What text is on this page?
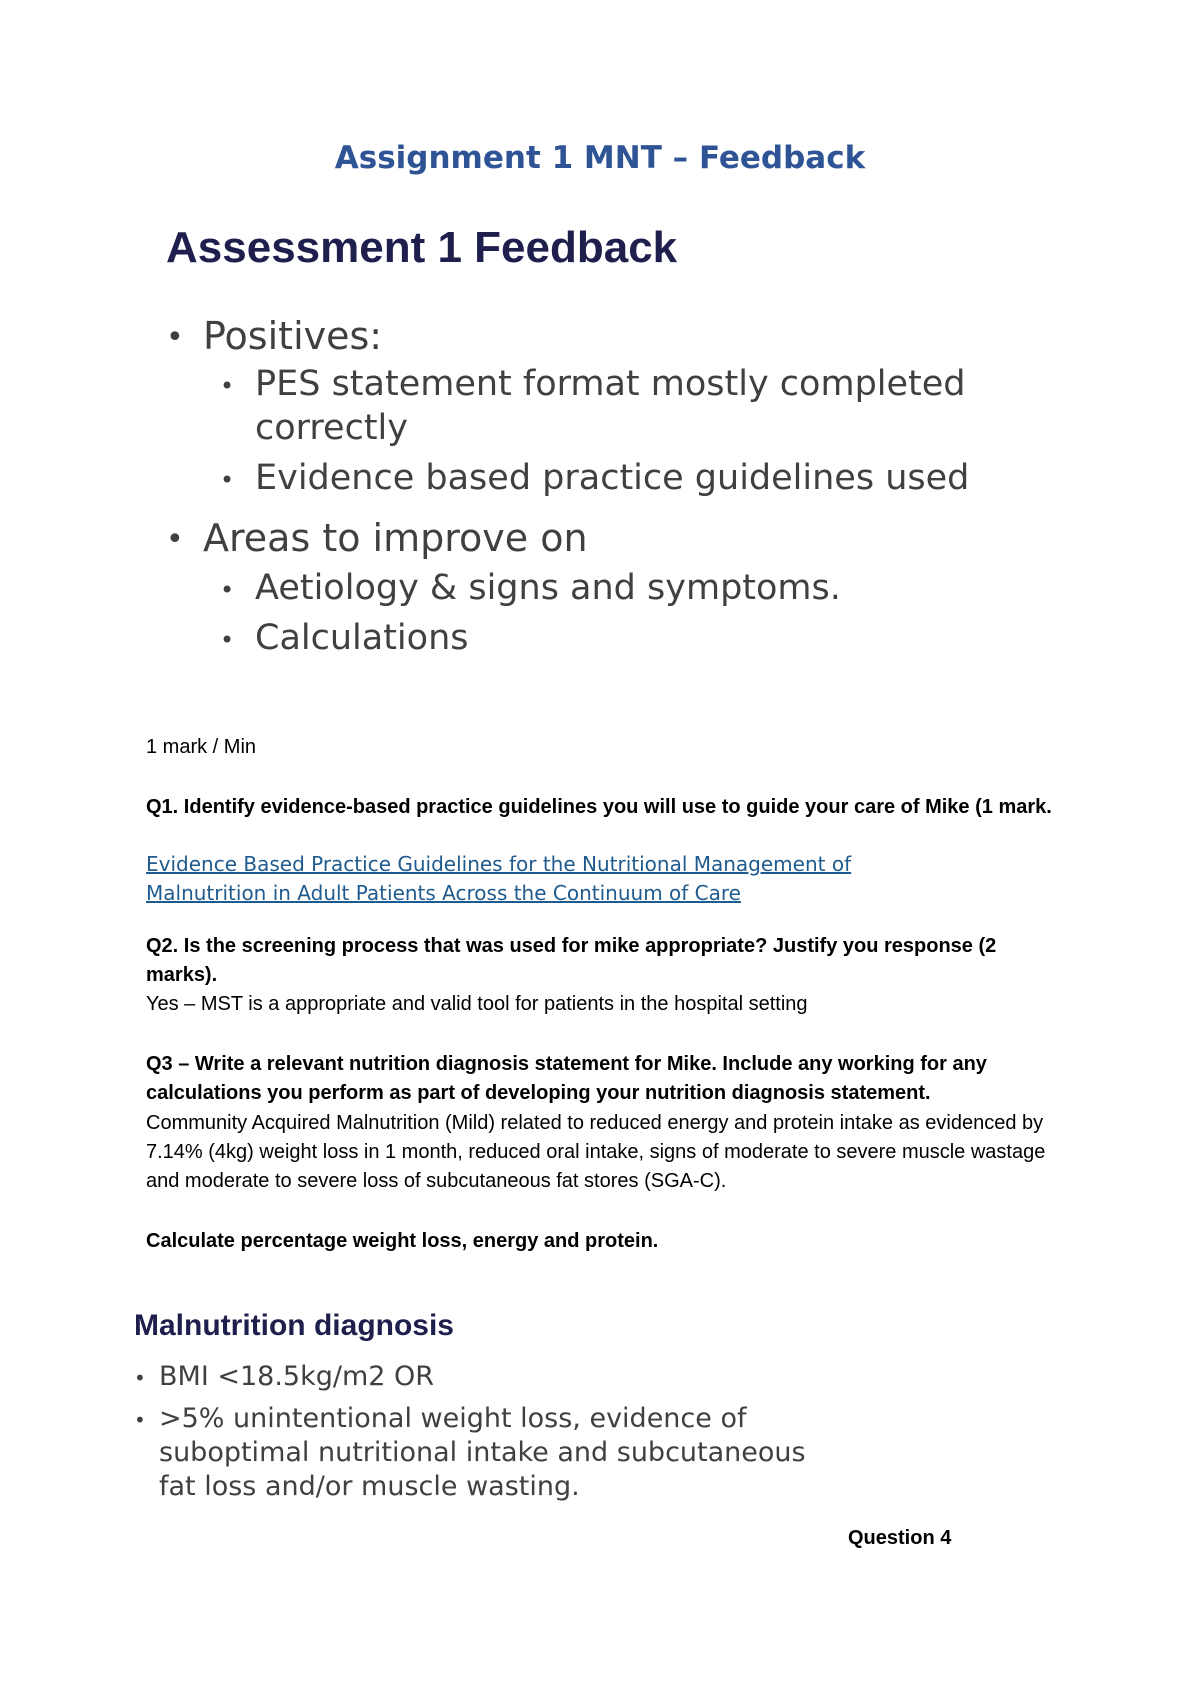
Assignment 1 MNT – Feedback
Assessment 1 Feedback
• Positives:
• PES statement format mostly completed correctly
• Evidence based practice guidelines used
• Areas to improve on
• Aetiology & signs and symptoms.
• Calculations

1 mark / Min

Q1. Identify evidence-based practice guidelines you will use to guide your care of Mike (1 mark.

Evidence Based Practice Guidelines for the Nutritional Management of
Malnutrition in Adult Patients Across the Continuum of Care

Q2. Is the screening process that was used for mike appropriate? Justify you response (2 marks).

Yes – MST is a appropriate and valid tool for patients in the hospital setting

Q3 – Write a relevant nutrition diagnosis statement for Mike. Include any working for any calculations you perform as part of developing your nutrition diagnosis statement.

Community Acquired Malnutrition (Mild) related to reduced energy and protein intake as evidenced by 7.14% (4kg) weight loss in 1 month, reduced oral intake, signs of moderate to severe muscle wastage and moderate to severe loss of subcutaneous fat stores (SGA-C).

Calculate percentage weight loss, energy and protein.

Malnutrition diagnosis
• BMI <18.5kg/m2 OR
• >5% unintentional weight loss, evidence of suboptimal nutritional intake and subcutaneous fat loss and/or muscle wasting.
Question 4
